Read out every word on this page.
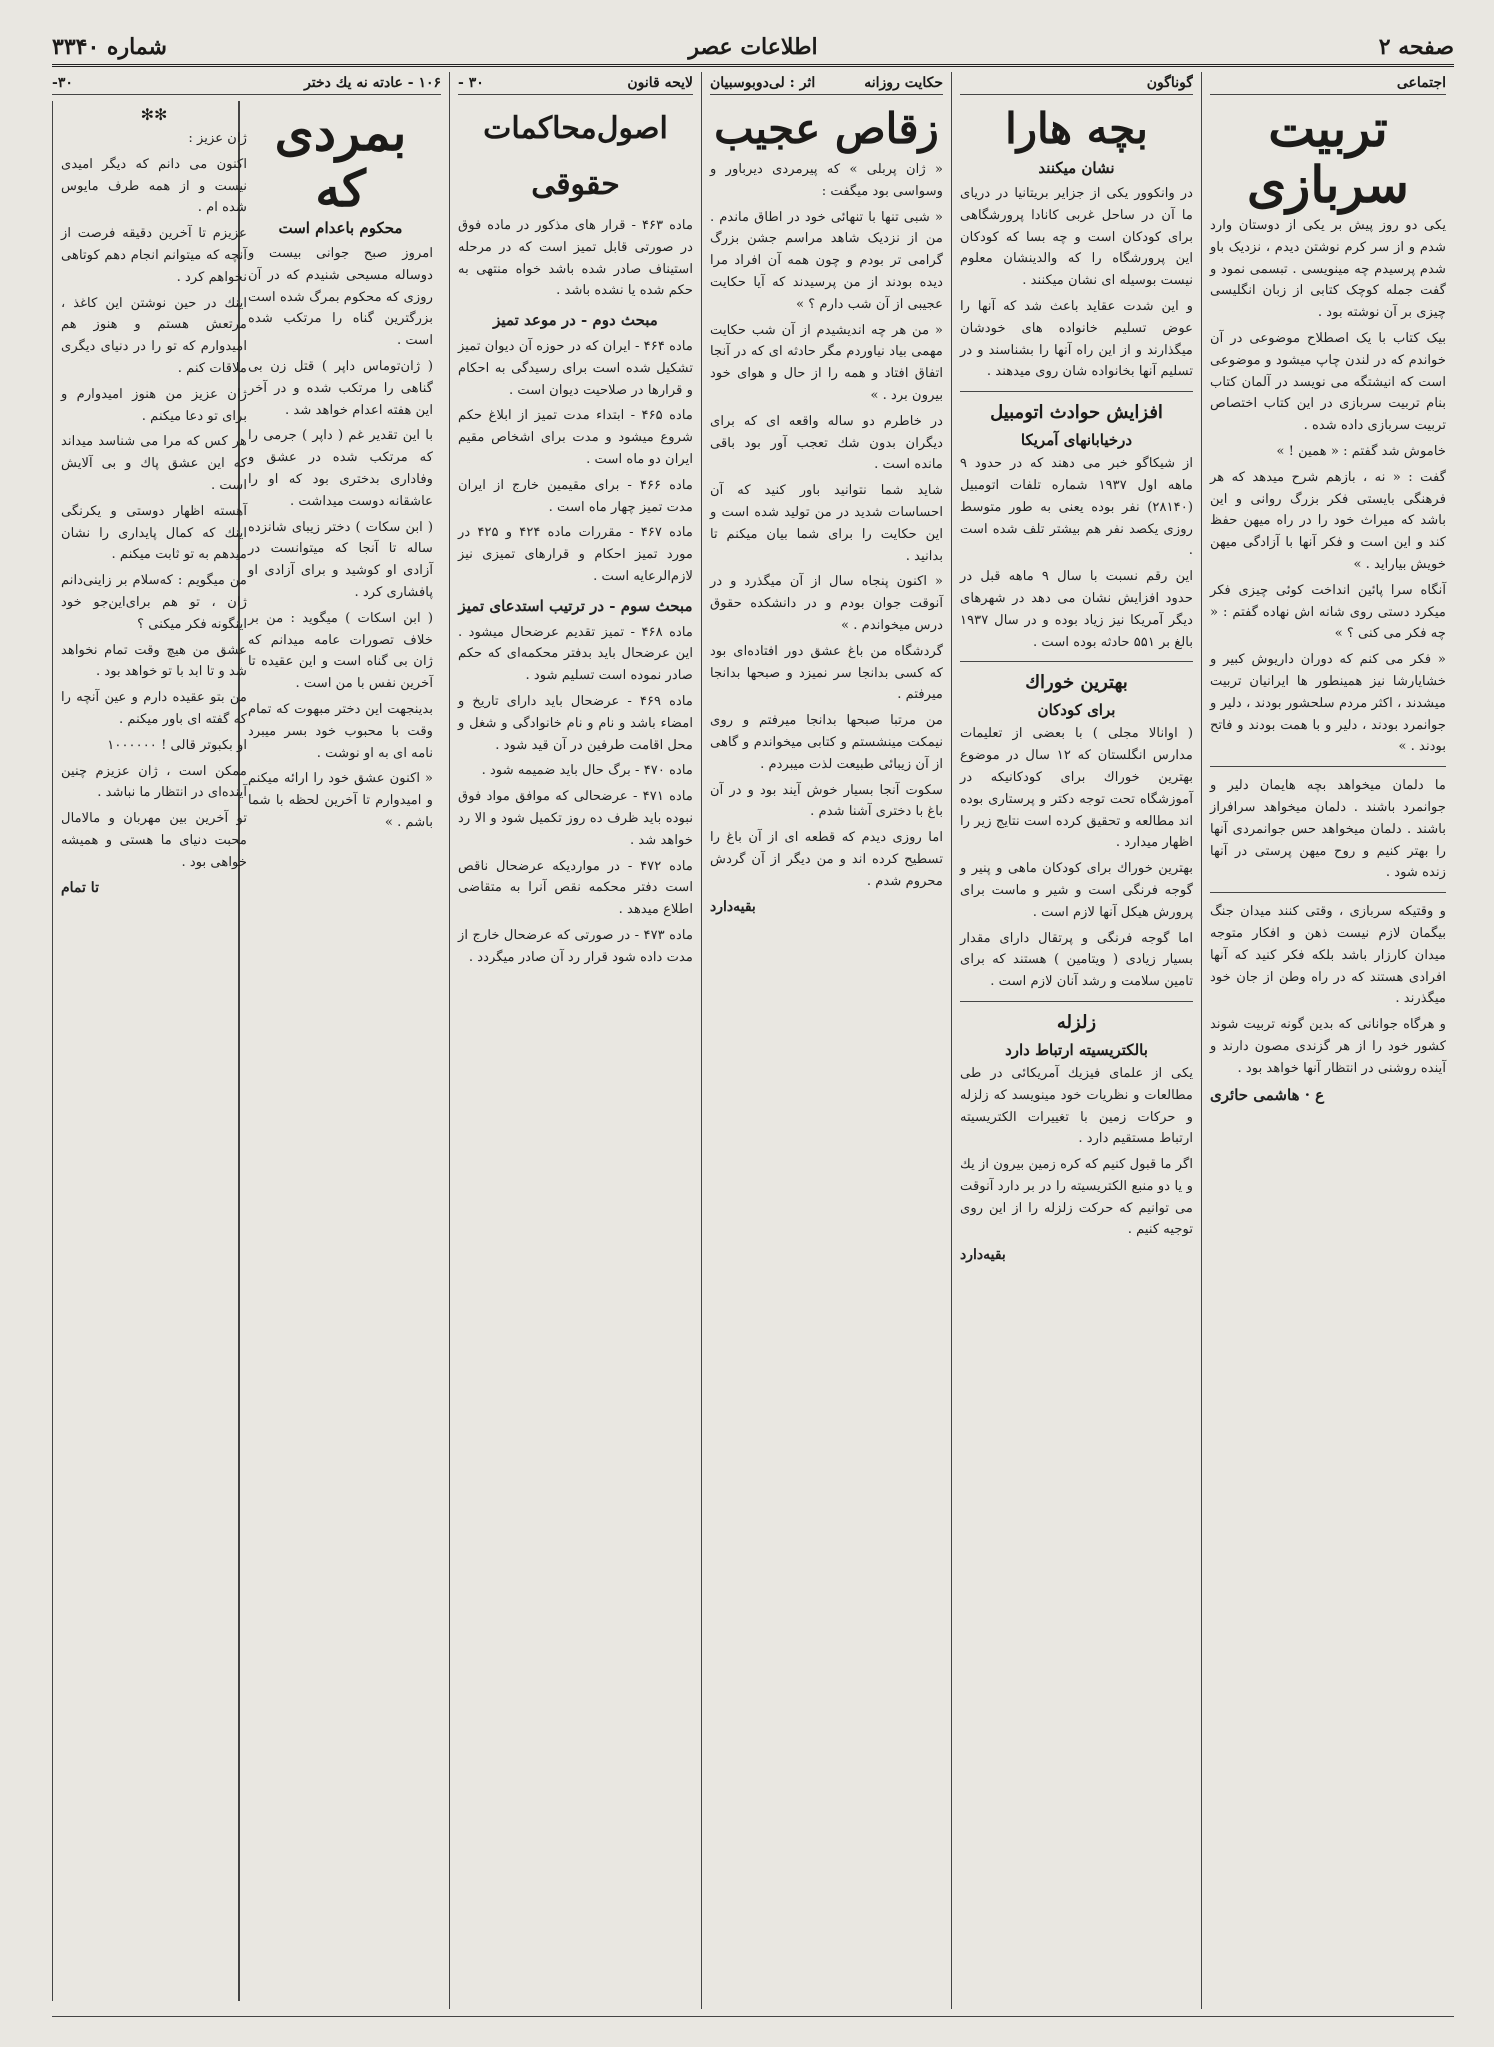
صفحه ۲
اطلاعات عصر
شماره ۳۳۴۰
اجتماعی
تربیت سربازی

یکی دو روز پیش بر یکی از دوستان وارد شدم و از سر کرم نوشتن دیدم ، نزدیک باو شدم پرسیدم چه مینویسی . تبسمی نمود و گفت جمله کوچک کتابی از زبان انگلیسی چیزی بر آن نوشته بود .

بیک کتاب با یک اصطلاح موضوعی در آن خواندم که در لندن چاپ میشود و موضوعی است که انیشتگه می نویسد در آلمان کتاب بنام تربیت سربازی در این کتاب اختصاص تربیت سربازی داده شده .

خاموش شد گفتم : « همین ! »

گفت : « نه ، بازهم شرح میدهد که هر فرهنگی بایستی فکر بزرگ روانی و این باشد که میراث خود را در راه میهن حفظ کند و این است و فکر آنها با آزادگی میهن خویش بیاراید . »

آنگاه سرا پائین انداخت کوئی چیزی فکر میکرد دستی روی شانه اش نهاده گفتم : « چه فکر می کنی ؟ »

« فکر می کنم که دوران داریوش کبیر و خشایارشا نیز همینطور ها ایرانیان تربیت میشدند ، اکثر مردم سلحشور بودند ، دلیر و جوانمرد بودند ، دلیر و با همت بودند و فاتح بودند . »

ما دلمان میخواهد بچه هایمان دلیر و جوانمرد باشند . دلمان میخواهد سرافراز باشند . دلمان میخواهد حس جوانمردی آنها را بهتر کنیم و روح میهن پرستی در آنها زنده شود .

و وقتیکه سربازی ، وقتی کنند میدان جنگ بیگمان لازم نیست ذهن و افکار متوجه میدان کارزار باشد بلکه فکر کنید که آنها افرادی هستند که در راه وطن از جان خود میگذرند .

و هرگاه جوانانی که بدین گونه تربیت شوند کشور خود را از هر گزندی مصون دارند و آینده روشنی در انتظار آنها خواهد بود .

ع · هاشمی حائری
گوناگون
بچه هارا
نشان میکنند

در وانکوور یکی از جزایر بریتانیا در دریای ما آن در ساحل غربی کانادا پرورشگاهی برای کودکان است و چه بسا که کودکان این پرورشگاه را که والدینشان معلوم نیست بوسیله ای نشان میکنند .

و این شدت عقاید باعث شد که آنها را عوض تسلیم خانواده های خودشان میگذارند و از این راه آنها را بشناسند و در تسلیم آنها بخانواده شان روی میدهند .

افزایش حوادث اتومبیل
درخیابانهای آمریکا

از شیکاگو خبر می دهند که در حدود ۹ ماهه اول ۱۹۳۷ شماره تلفات اتومبیل (۲۸۱۴۰) نفر بوده یعنی به طور متوسط روزی یکصد نفر هم بیشتر تلف شده است .

این رقم نسبت با سال ۹ ماهه قبل در حدود افزایش نشان می دهد در شهرهای دیگر آمریکا نیز زیاد بوده و در سال ۱۹۳۷ بالغ بر ۵۵۱ حادثه بوده است .

بهترین خوراك
برای کودکان

( اوانالا مجلی ) با بعضی از تعلیمات مدارس انگلستان که ۱۲ سال در موضوع بهترین خوراك برای کودکانیکه در آموزشگاه تحت توجه دکتر و پرستاری بوده اند مطالعه و تحقیق کرده است نتایج زیر را اظهار میدارد .

بهترین خوراك برای کودکان ماهی و پنیر و گوجه فرنگی است و شیر و ماست برای پرورش هیکل آنها لازم است .

اما گوجه فرنگی و پرتقال دارای مقدار بسیار زیادی ( ویتامین ) هستند که برای تامین سلامت و رشد آنان لازم است .

زلزله
بالکتریسیته ارتباط دارد

یکی از علمای فیزیك آمریکائی در طی مطالعات و نظریات خود مینویسد که زلزله و حرکات زمین با تغییرات الکتریسیته ارتباط مستقیم دارد .

اگر ما قبول کنیم که کره زمین بیرون از یك و یا دو منبع الکتریسیته را در بر دارد آنوقت می توانیم که حرکت زلزله را از این روی توجیه کنیم .

بقیه‌دارد
حکایت روزانه
اثر : لی‌دوبوسبیان
زقاص عجیب

« ژان پربلی » که پیرمردی دیرباور و وسواسی بود میگفت :

« شبی تنها با تنهائی خود در اطاق ماندم . من از نزدیک شاهد مراسم جشن بزرگ گرامی تر بودم و چون همه آن افراد مرا دیده بودند از من پرسیدند که آیا حکایت عجیبی از آن شب دارم ؟ »

« من هر چه اندیشیدم از آن شب حکایت مهمی بیاد نیاوردم مگر حادثه ای که در آنجا اتفاق افتاد و همه را از حال و هوای خود بیرون برد . »

در خاطرم دو ساله واقعه ای که برای دیگران بدون شك تعجب آور بود باقی مانده است .

شاید شما نتوانید باور کنید که آن احساسات شدید در من تولید شده است و این حکایت را برای شما بیان میکنم تا بدانید .

« اکنون پنجاه سال از آن میگذرد و در آنوقت جوان بودم و در دانشکده حقوق درس میخواندم . »

گردشگاه من باغ عشق دور افتاده‌ای بود که کسی بدانجا سر نمیزد و صبحها بدانجا میرفتم .

من مرتبا صبحها بدانجا میرفتم و روی نیمکت مینشستم و کتابی میخواندم و گاهی از آن زیبائی طبیعت لذت میبردم .

سکوت آنجا بسیار خوش آیند بود و در آن باغ با دختری آشنا شدم .

اما روزی دیدم که قطعه ای از آن باغ را تسطیح کرده اند و من دیگر از آن گردش محروم شدم .

بقیه‌دارد
لایحه قانون
۳۰ -
اصول‌محاکمات حقوقی

ماده ۴۶۳ - قرار های مذکور در ماده فوق در صورتی قابل تمیز است که در مرحله استیناف صادر شده باشد خواه منتهی به حکم شده یا نشده باشد .

مبحث دوم - در موعد تمیز

ماده ۴۶۴ - ایران که در حوزه آن دیوان تمیز تشکیل شده است برای رسیدگی به احکام و قرارها در صلاحیت دیوان است .

ماده ۴۶۵ - ابتداء مدت تمیز از ابلاغ حکم شروع میشود و مدت برای اشخاص مقیم ایران دو ماه است .

ماده ۴۶۶ - برای مقیمین خارج از ایران مدت تمیز چهار ماه است .

ماده ۴۶۷ - مقررات ماده ۴۲۴ و ۴۲۵ در مورد تمیز احکام و قرارهای تمیزی نیز لازم‌الرعایه است .

مبحث سوم - در ترتیب استدعای تمیز

ماده ۴۶۸ - تمیز تقدیم عرضحال میشود . این عرضحال باید بدفتر محکمه‌ای که حکم صادر نموده است تسلیم شود .

ماده ۴۶۹ - عرضحال باید دارای تاریخ و امضاء باشد و نام و نام خانوادگی و شغل و محل اقامت طرفین در آن قید شود .

ماده ۴۷۰ - برگ حال باید ضمیمه شود .

ماده ۴۷۱ - عرضحالی که موافق مواد فوق نبوده باید ظرف ده روز تکمیل شود و الا رد خواهد شد .

ماده ۴۷۲ - در مواردیکه عرضحال ناقص است دفتر محکمه نقص آنرا به متقاضی اطلاع میدهد .

ماده ۴۷۳ - در صورتی که عرضحال خارج از مدت داده شود قرار رد آن صادر میگردد .

۱۰۶ - عادته نه یك دختر
۳۰-
بمردی که
محکوم باعدام است

امروز صبح جوانی بیست و دوساله مسیحی شنیدم که در آن روزی که محکوم بمرگ شده است بزرگترین گناه را مرتکب شده است .

( ژان‌توماس داپر ) قتل زن بی گناهی را مرتکب شده و در آخر این هفته اعدام خواهد شد .

با این تقدیر غم ( داپر ) جرمی را که مرتکب شده در عشق و وفاداری بدختری بود که او را عاشقانه دوست میداشت .

( ابن سکات ) دختر زیبای شانزده ساله تا آنجا که میتوانست در آزادی او کوشید و برای آزادی او پافشاری کرد .

( ابن اسکات ) میگوید : من بر خلاف تصورات عامه میدانم که ژان بی گناه است و این عقیده تا آخرین نفس با من است .

بدینجهت این دختر مبهوت که تمام وقت با محبوب خود بسر میبرد نامه ای به او نوشت .

« اکنون عشق خود را ارائه میکنم و امیدوارم تا آخرین لحظه با شما باشم . »

✻✻

ژان عزیز :

اکنون می دانم که دیگر امیدی نیست و از همه طرف مایوس شده ام .

عزیزم تا آخرین دقیقه فرصت از آنچه که میتوانم انجام دهم کوتاهی نخواهم کرد .

اینك در حین نوشتن این کاغذ ، مرتعش هستم و هنوز هم امیدوارم که تو را در دنیای دیگری ملاقات کنم .

ژان عزیز من هنوز امیدوارم و برای تو دعا میکنم .

هر کس که مرا می شناسد میداند که این عشق پاك و بی آلایش است .

آهسته اظهار دوستی و یکرنگی اینك که کمال پایداری را نشان میدهم به تو ثابت میکنم .

من میگویم : که‌سلام بر زاینی‌دانم ژان ، تو هم برای‌این‌جو خود اینگونه فکر میکنی ؟

عشق من هیچ وقت تمام نخواهد شد و تا ابد با تو خواهد بود .

من بتو عقیده دارم و عین آنچه را که گفته ای باور میکنم .

او بکبوتر قالی ! ۱۰۰۰۰۰۰

ممکن است ، ژان عزیزم چنین آینده‌ای در انتظار ما نباشد .

تو آخرین بین مهربان و مالامال محبت دنیای ما هستی و همیشه خواهی بود .

تا تمام
